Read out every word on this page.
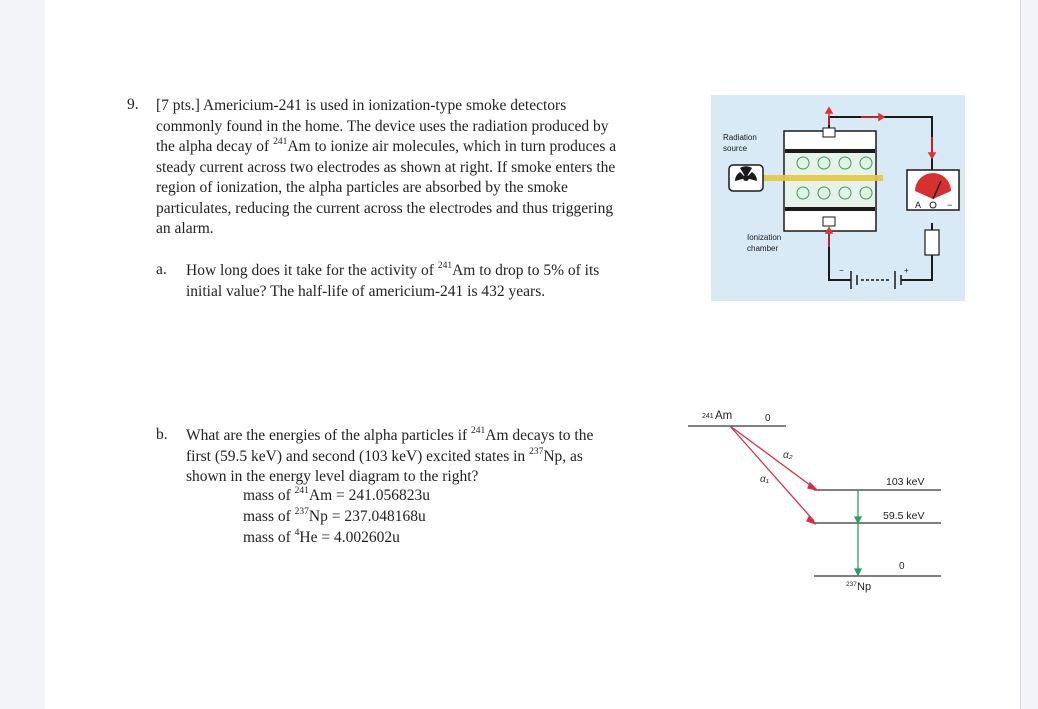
9. [7 pts.] Americium-241 is used in ionization-type smoke detectors
commonly found in the home. The device uses the radiation produced by
the alpha decay of $^{241}$Am to ionize air molecules, which in turn produces a
steady current across two electrodes as shown at right. If smoke enters the
region of ionization, the alpha particles are absorbed by the smoke
particulates, reducing the current across the electrodes and thus triggering
an alarm.
a. How long does it take for the activity of $^{241}$Am to drop to 5% of its
initial value? The half-life of americium-241 is 432 years.
b. What are the energies of the alpha particles if $^{241}$Am decays to the
first (59.5 keV) and second (103 keV) excited states in $^{237}$Np, as
shown in the energy level diagram to the right?
mass of $^{241}$Am = 241.056823u
mass of $^{237}$Np = 237.048168u
mass of $^4$He = 4.002602u
A	−
+
−
Radiation
source
Ionization
chamber
241 Am	0
α₂
α₁	103 keV
59.5 keV
0
237 Np
